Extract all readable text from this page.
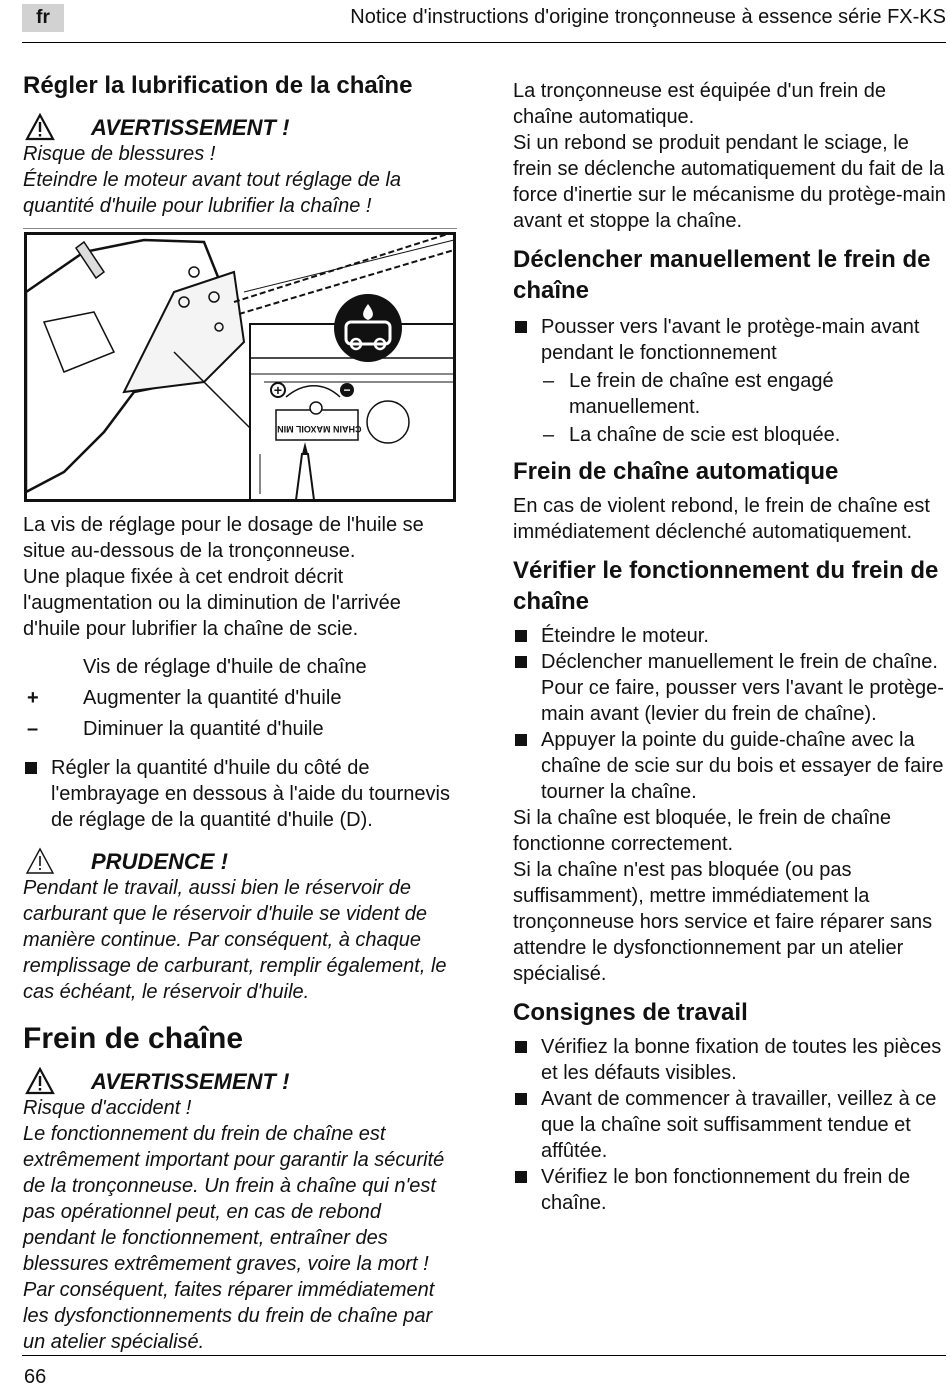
fr	Notice d'instructions d'origine tronçonneuse à essence série FX-KS
Régler la lubrification de la chaîne
AVERTISSEMENT !

Risque de blessures !

Éteindre le moteur avant tout réglage de la quantité d'huile pour lubrifier la chaîne !

+	−
OIL MIN CHAIN MAX

La vis de réglage pour le dosage de l'huile se situe au-dessous de la tronçonneuse.

Une plaque fixée à cet endroit décrit l'augmentation ou la diminution de l'arrivée d'huile pour lubrifier la chaîne de scie.

Vis de réglage d'huile de chaîne
+ Augmenter la quantité d'huile
– Diminuer la quantité d'huile
Régler la quantité d'huile du côté de l'embrayage en dessous à l'aide du tournevis de réglage de la quantité d'huile (D).
PRUDENCE !

Pendant le travail, aussi bien le réservoir de carburant que le réservoir d'huile se vident de manière continue. Par conséquent, à chaque remplissage de carburant, remplir également, le cas échéant, le réservoir d'huile.

Frein de chaîne
AVERTISSEMENT !

Risque d'accident !

Le fonctionnement du frein de chaîne est extrêmement important pour garantir la sécurité de la tronçonneuse. Un frein à chaîne qui n'est pas opérationnel peut, en cas de rebond pendant le fonctionnement, entraîner des blessures extrêmement graves, voire la mort ! Par conséquent, faites réparer immédiatement les dysfonctionnements du frein de chaîne par un atelier spécialisé.

La tronçonneuse est équipée d'un frein de chaîne automatique.

Si un rebond se produit pendant le sciage, le frein se déclenche automatiquement du fait de la force d'inertie sur le mécanisme du protège-main avant et stoppe la chaîne.

Déclencher manuellement le frein de chaîne
Pousser vers l'avant le protège-main avant pendant le fonctionnement
– Le frein de chaîne est engagé manuellement.
– La chaîne de scie est bloquée.
Frein de chaîne automatique

En cas de violent rebond, le frein de chaîne est immédiatement déclenché automatiquement.

Vérifier le fonctionnement du frein de chaîne
Éteindre le moteur.
Déclencher manuellement le frein de chaîne. Pour ce faire, pousser vers l'avant le protège-main avant (levier du frein de chaîne).
Appuyer la pointe du guide-chaîne avec la chaîne de scie sur du bois et essayer de faire tourner la chaîne.

Si la chaîne est bloquée, le frein de chaîne fonctionne correctement.

Si la chaîne n'est pas bloquée (ou pas suffisamment), mettre immédiatement la tronçonneuse hors service et faire réparer sans attendre le dysfonctionnement par un atelier spécialisé.

Consignes de travail
Vérifiez la bonne fixation de toutes les pièces et les défauts visibles.
Avant de commencer à travailler, veillez à ce que la chaîne soit suffisamment tendue et affûtée.
Vérifiez le bon fonctionnement du frein de chaîne.
66
